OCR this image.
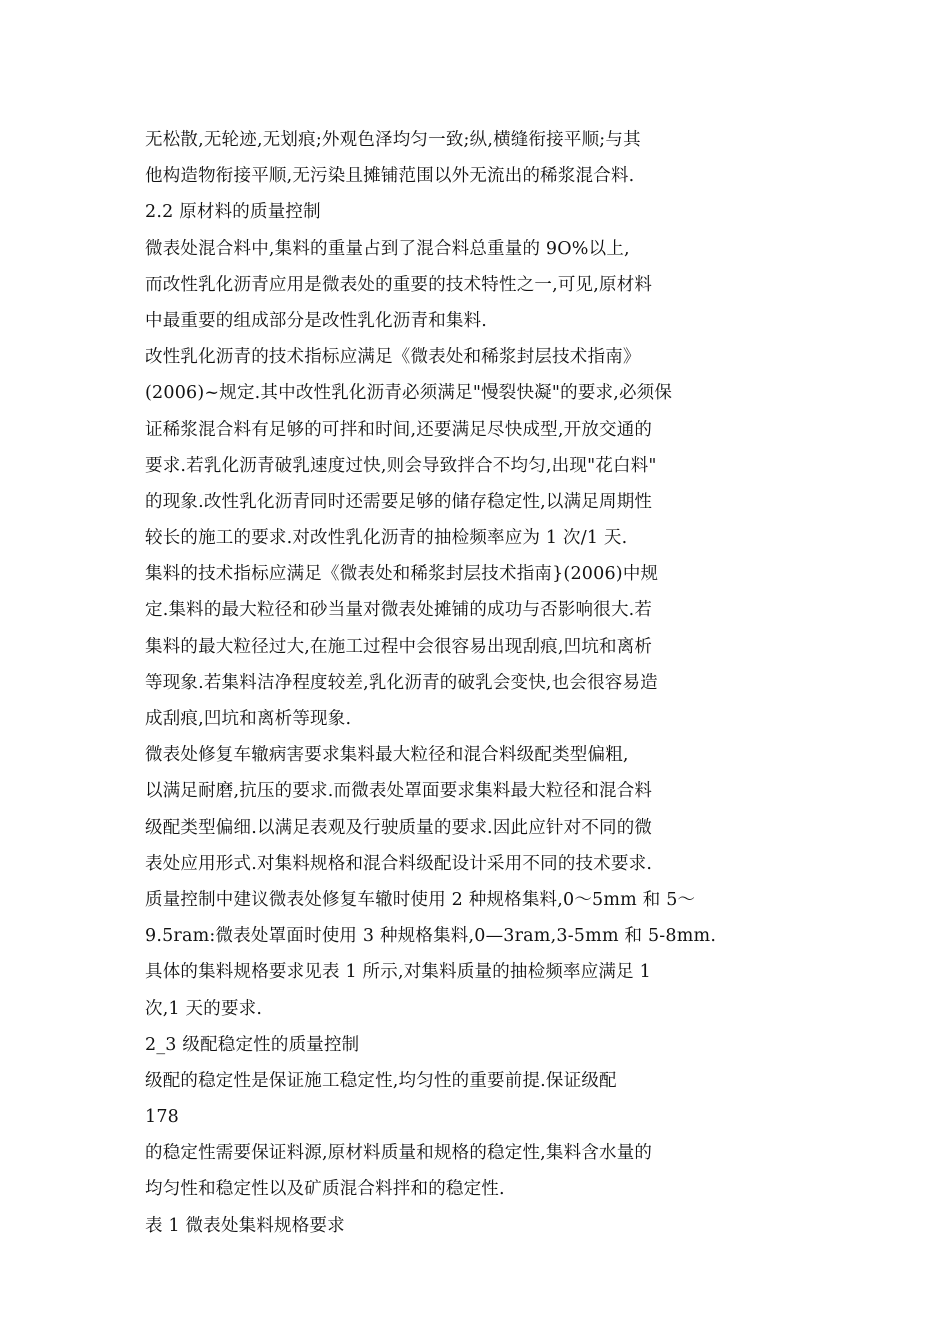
无松散,无轮迹,无划痕;外观色泽均匀一致;纵,横缝衔接平顺;与其
他构造物衔接平顺,无污染且摊铺范围以外无流出的稀浆混合料.
2.2 原材料的质量控制
微表处混合料中,集料的重量占到了混合料总重量的 9O%以上,
而改性乳化沥青应用是微表处的重要的技术特性之一,可见,原材料
中最重要的组成部分是改性乳化沥青和集料.
改性乳化沥青的技术指标应满足《微表处和稀浆封层技术指南》
(2006)~规定.其中改性乳化沥青必须满足"慢裂快凝"的要求,必须保
证稀浆混合料有足够的可拌和时间,还要满足尽快成型,开放交通的
要求.若乳化沥青破乳速度过快,则会导致拌合不均匀,出现"花白料"
的现象.改性乳化沥青同时还需要足够的储存稳定性,以满足周期性
较长的施工的要求.对改性乳化沥青的抽检频率应为 1 次/1 天.
集料的技术指标应满足《微表处和稀浆封层技术指南}(2006)中规
定.集料的最大粒径和砂当量对微表处摊铺的成功与否影响很大.若
集料的最大粒径过大,在施工过程中会很容易出现刮痕,凹坑和离析
等现象.若集料洁净程度较差,乳化沥青的破乳会变快,也会很容易造
成刮痕,凹坑和离析等现象.
微表处修复车辙病害要求集料最大粒径和混合料级配类型偏粗,
以满足耐磨,抗压的要求.而微表处罩面要求集料最大粒径和混合料
级配类型偏细.以满足表观及行驶质量的要求.因此应针对不同的微
表处应用形式.对集料规格和混合料级配设计采用不同的技术要求.
质量控制中建议微表处修复车辙时使用 2 种规格集料,0～5mm 和 5～
9.5ram:微表处罩面时使用 3 种规格集料,0—3ram,3-5mm 和 5-8mm.
具体的集料规格要求见表 1 所示,对集料质量的抽检频率应满足 1
次,1 天的要求.
2_3 级配稳定性的质量控制
级配的稳定性是保证施工稳定性,均匀性的重要前提.保证级配
178
的稳定性需要保证料源,原材料质量和规格的稳定性,集料含水量的
均匀性和稳定性以及矿质混合料拌和的稳定性.
表 1 微表处集料规格要求
